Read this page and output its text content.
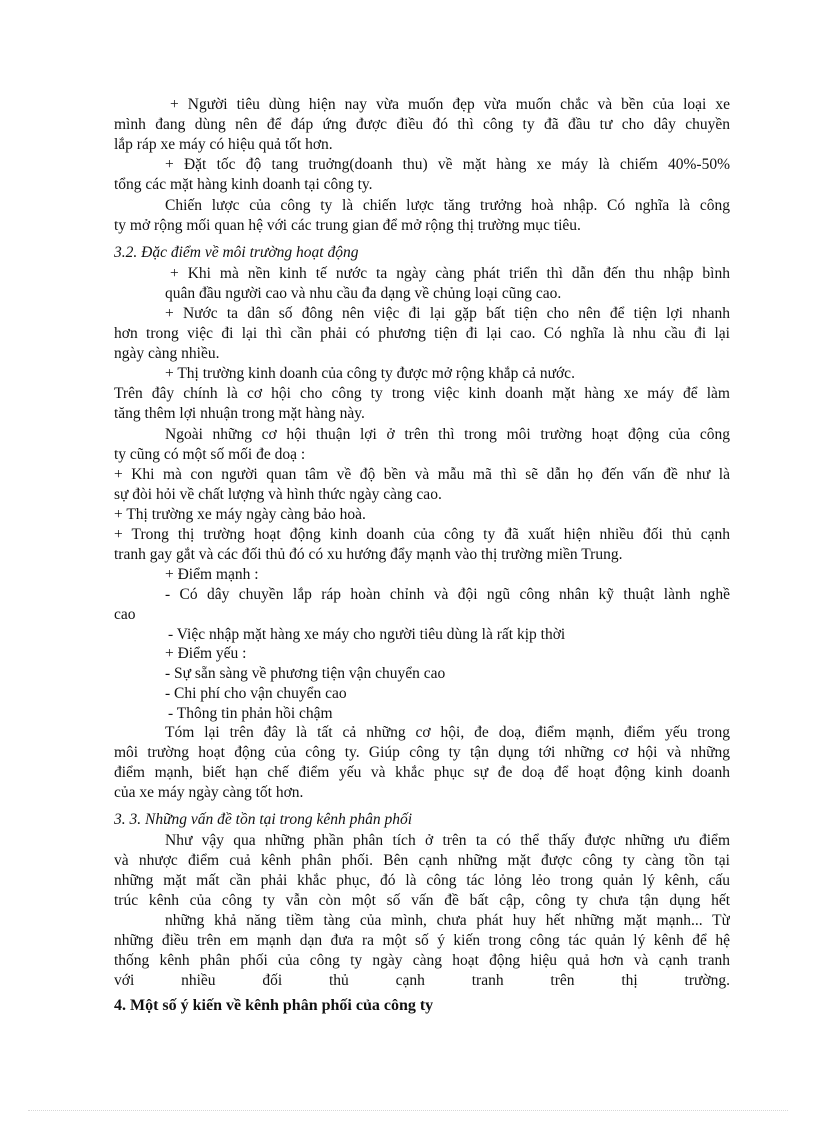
+ Người tiêu dùng hiện nay vừa muốn đẹp vừa muốn chắc và bền của loại xe
mình đang dùng nên để đáp ứng được điều đó thì công ty đã đầu tư cho dây chuyền
lắp ráp xe máy có hiệu quả tốt hơn.
+ Đặt tốc độ tang truởng(doanh thu) về mặt hàng xe máy là chiếm 40%-50%
tổng các mặt hàng kinh doanh tại công ty.
Chiến lược của công ty là chiến lược tăng trưởng hoà nhập. Có nghĩa là công
ty mở rộng mối quan hệ với các trung gian để mở rộng thị trường mục tiêu.
3.2. Đặc điểm về môi trường hoạt động
+ Khi mà nền kinh tế nước ta ngày càng phát triển thì dẫn đến thu nhập bình
quân đầu người cao và nhu cầu đa dạng về chủng loại cũng cao.
+ Nước ta dân số đông nên việc đi lại gặp bất tiện cho nên để tiện lợi nhanh
hơn trong việc đi lại thì cần phải có phương tiện đi lại cao. Có nghĩa là nhu cầu đi lại
ngày càng nhiều.
+ Thị trường kinh doanh của công ty được mở rộng khắp cả nước.
Trên đây chính là cơ hội cho công ty trong việc kinh doanh mặt hàng xe máy để làm
tăng thêm lợi nhuận trong mặt hàng này.
Ngoài những cơ hội thuận lợi ở trên thì trong môi trường hoạt động của công
ty cũng có một số mối đe doạ :
+ Khi mà con người quan tâm về độ bền và mẫu mã thì sẽ dẫn họ đến vấn đề như là
sự đòi hỏi về chất lượng và hình thức ngày càng cao.
+ Thị trường xe máy ngày càng bảo hoà.
+ Trong thị trường hoạt động kinh doanh của công ty đã xuất hiện nhiều đối thủ cạnh
tranh gay gắt và các đối thủ đó có xu hướng đẩy mạnh vào thị trường miền Trung.
+ Điểm mạnh :
- Có dây chuyền lắp ráp hoàn chỉnh và đội ngũ công nhân kỹ thuật lành nghề
cao
- Việc nhập mặt hàng xe máy cho người tiêu dùng là rất kịp thời
+ Điểm yếu :
- Sự sẵn sàng về phương tiện vận chuyển cao
- Chi phí cho vận chuyển cao
- Thông tin phản hồi chậm
Tóm lại trên đây là tất cả những cơ hội, đe doạ, điểm mạnh, điểm yếu trong
môi trường hoạt động của công ty. Giúp công ty tận dụng tới những cơ hội và những
điểm mạnh, biết hạn chế điểm yếu và khắc phục sự đe doạ để hoạt động kinh doanh
của xe máy ngày càng tốt hơn.
3. 3. Những vấn đề tồn tại trong kênh phân phối
Như vậy qua những phần phân tích ở trên ta có thể thấy được những ưu điểm
và nhược điểm cuả kênh phân phối. Bên cạnh những mặt được công ty càng tồn tại
những mặt mất cần phải khắc phục, đó là công tác lỏng lẻo trong quản lý kênh, cấu
trúc kênh của công ty vẫn còn một số vấn đề bất cập, công ty chưa tận dụng hết
những khả năng tiềm tàng của mình, chưa phát huy hết những mặt mạnh... Từ
những điều trên em mạnh dạn đưa ra một số ý kiến trong công tác quản lý kênh để hệ
thống kênh phân phối của công ty ngày càng hoạt động hiệu quả hơn và cạnh tranh
với nhiều đối thủ cạnh tranh trên thị trường.
4. Một số ý kiến về kênh phân phối của công ty
